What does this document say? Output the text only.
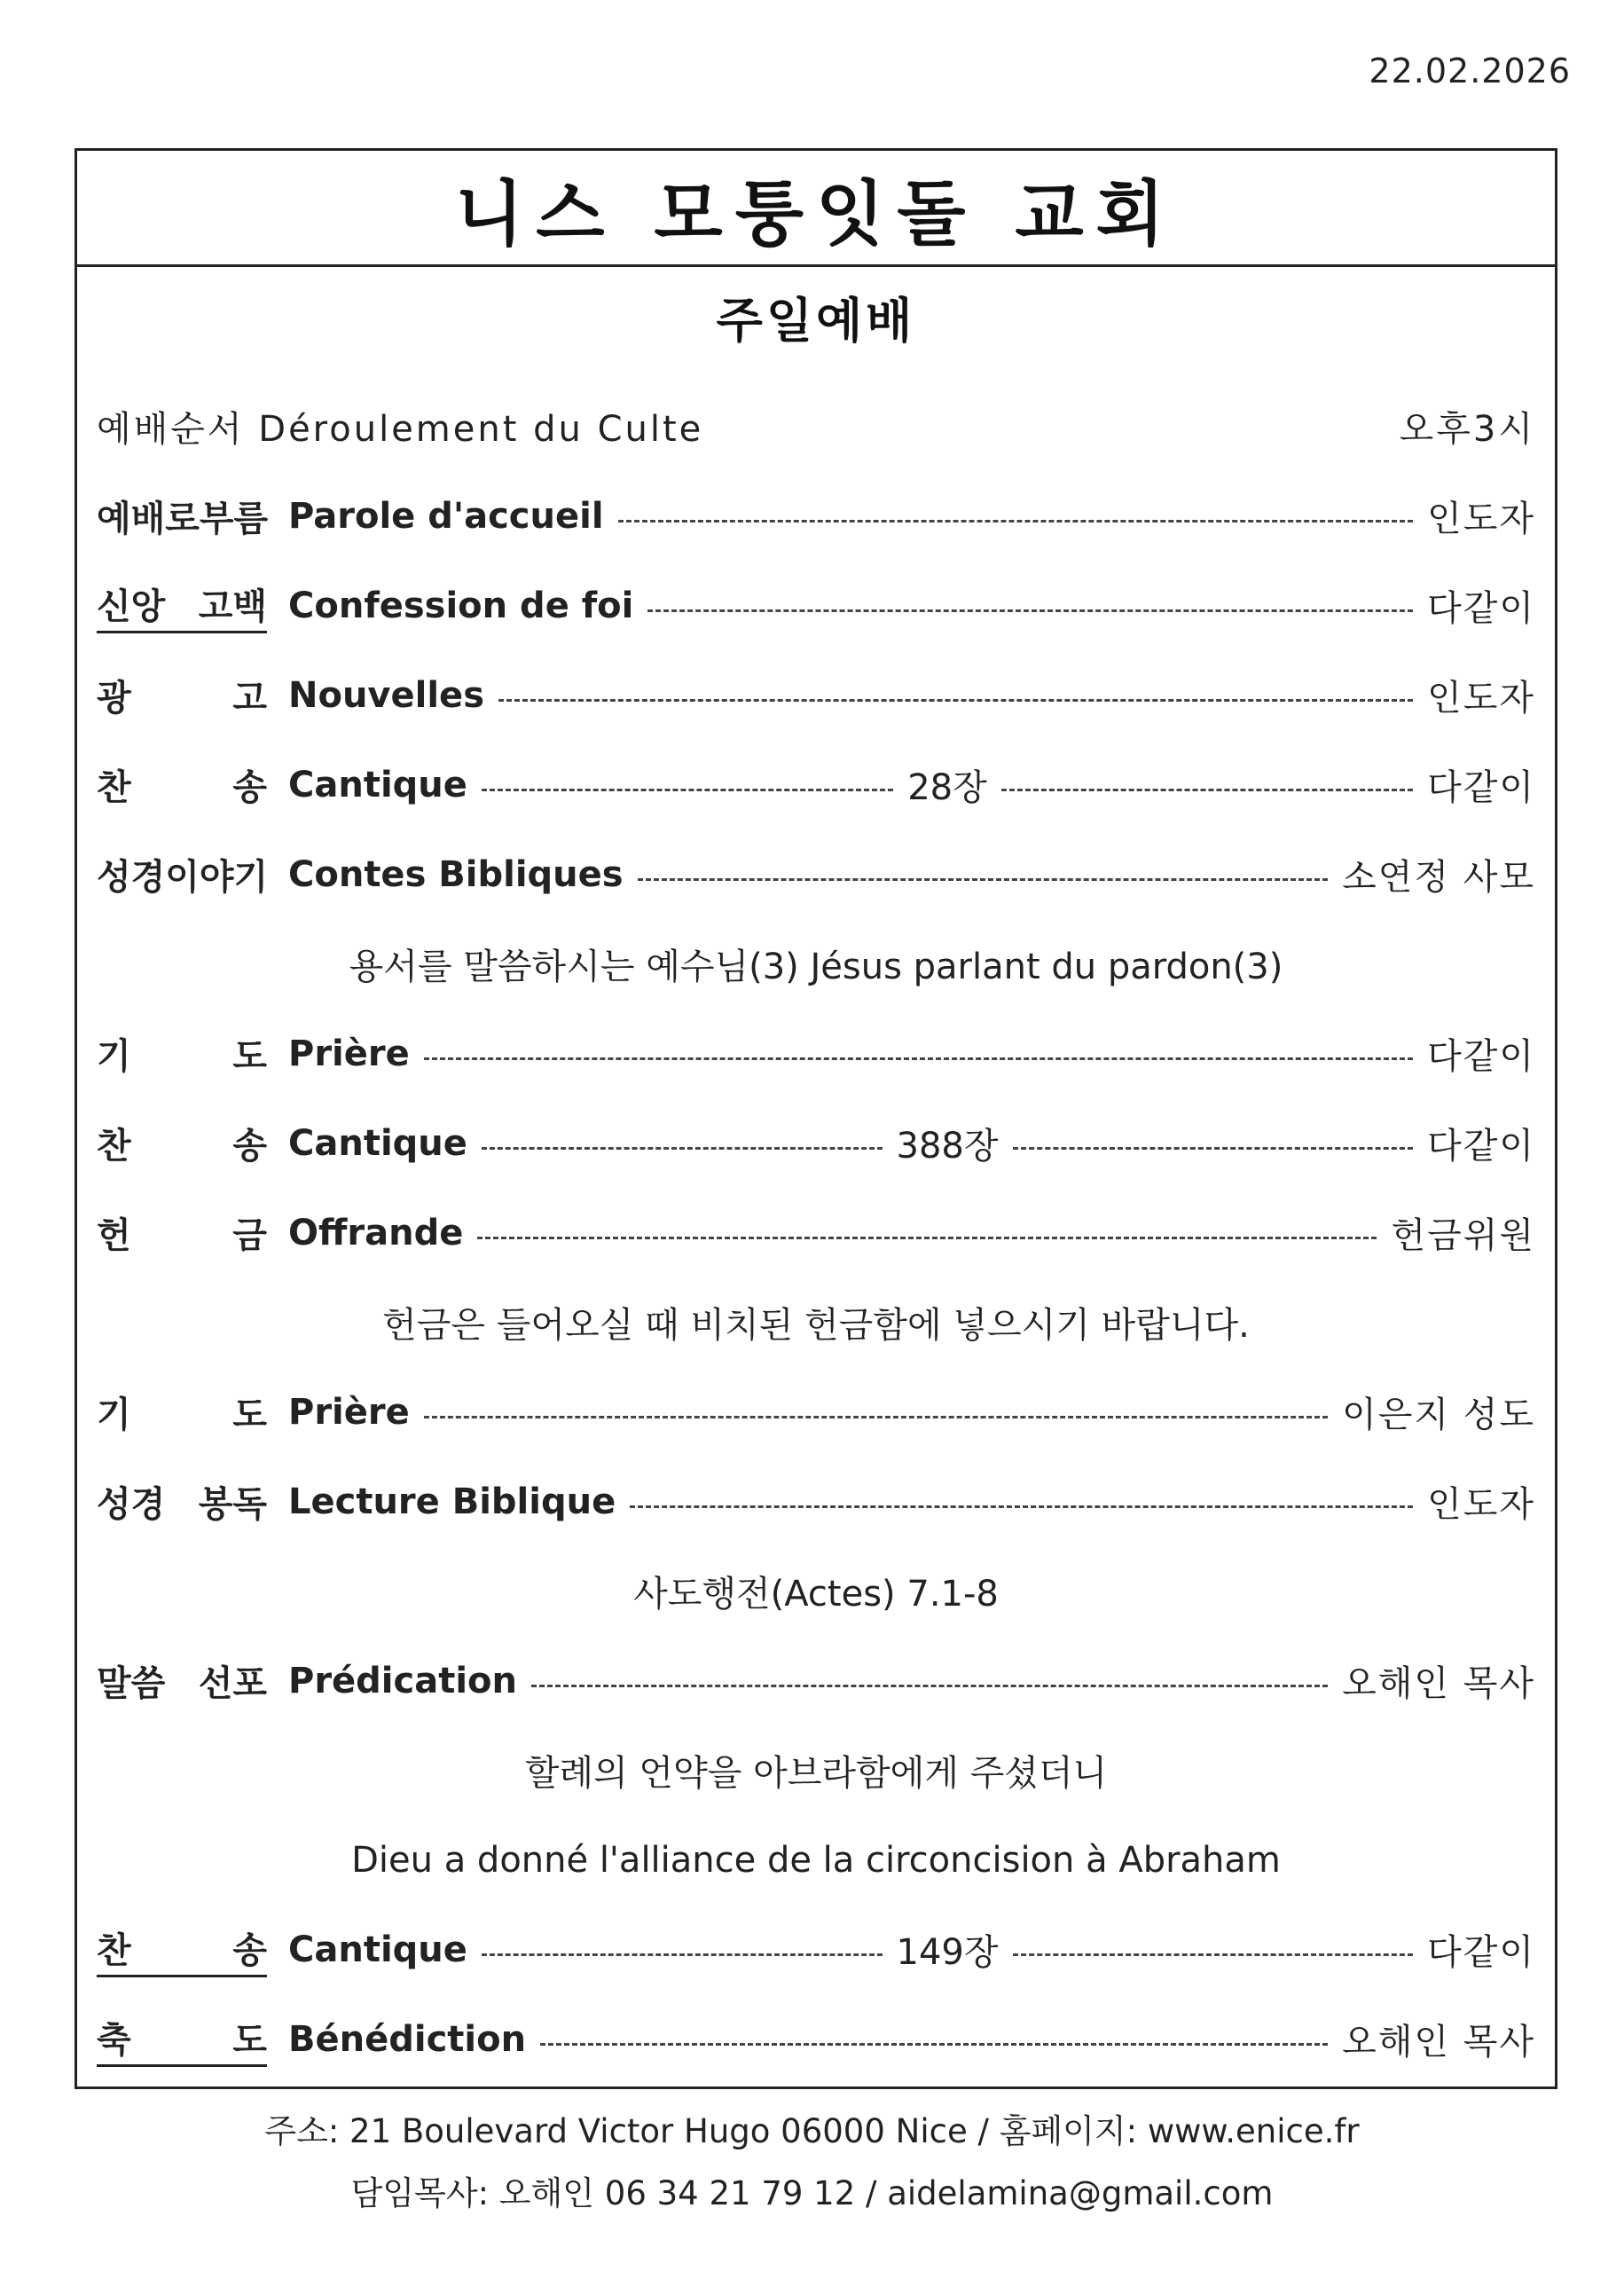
22.02.2026
니스 모퉁잇돌 교회
주일예배
예배순서 Déroulement du Culte	오후3시
예배로부름 Parole d'accueil	인도자
신앙 고백 Confession de foi	다같이
광	고 Nouvelles	인도자
찬	송 Cantique	28장	다같이
성경이야기 Contes Bibliques	소연정 사모
용서를 말씀하시는 예수님(3) Jésus parlant du pardon(3)
기	도 Prière	다같이
찬	송 Cantique	388장	다같이
헌	금 Offrande	헌금위원
헌금은 들어오실 때 비치된 헌금함에 넣으시기 바랍니다.
기	도 Prière	이은지 성도
성경 봉독 Lecture Biblique	인도자
사도행전(Actes) 7.1-8
말씀 선포 Prédication	오해인 목사
할례의 언약을 아브라함에게 주셨더니
Dieu a donné l'alliance de la circoncision à Abraham
찬	송 Cantique	149장	다같이
축	도 Bénédiction	오해인 목사
주소: 21 Boulevard Victor Hugo 06000 Nice / 홈페이지: www.enice.fr
담임목사: 오해인 06 34 21 79 12 / aidelamina@gmail.com
